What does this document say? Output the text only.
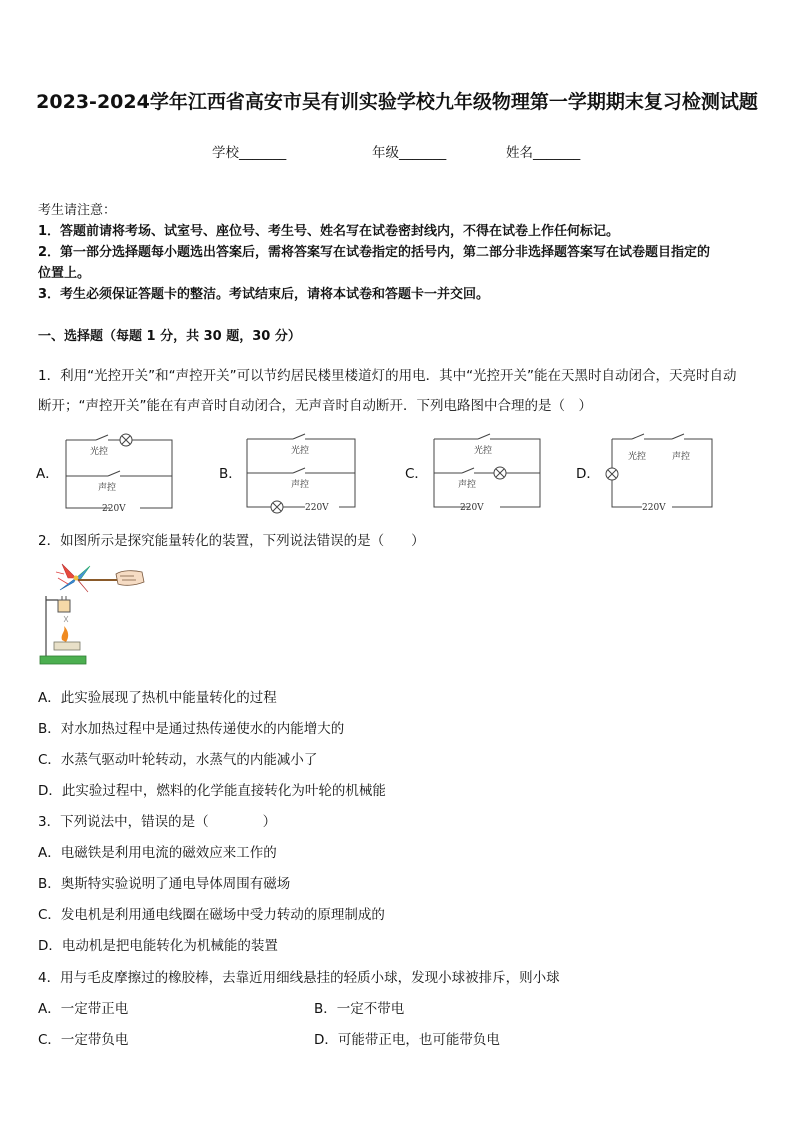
2023-2024学年江西省高安市吴有训实验学校九年级物理第一学期期末复习检测试题
学校_______	年级_______	姓名_______
考生请注意：
1．答题前请将考场、试室号、座位号、考生号、姓名写在试卷密封线内，不得在试卷上作任何标记。
2．第一部分选择题每小题选出答案后，需将答案写在试卷指定的括号内，第二部分非选择题答案写在试卷题目指定的
位置上。
3．考生必须保证答题卡的整洁。考试结束后，请将本试卷和答题卡一并交回。
一、选择题（每题 1 分，共 30 题，30 分）
1．利用“光控开关”和“声控开关”可以节约居民楼里楼道灯的用电．其中“光控开关”能在天黑时自动闭合，天亮时自动
断开；“声控开关”能在有声音时自动闭合，无声音时自动断开．下列电路图中合理的是（　）
A．	B．	C．	D．
光控
声控
220V
光控
声控
220V
光控
声控
220V
光控	声控
220V
2．如图所示是探究能量转化的装置，下列说法错误的是（　　）
A．此实验展现了热机中能量转化的过程
B．对水加热过程中是通过热传递使水的内能增大的
C．水蒸气驱动叶轮转动，水蒸气的内能减小了
D．此实验过程中，燃料的化学能直接转化为叶轮的机械能
3．下列说法中，错误的是（　　　　）
A．电磁铁是利用电流的磁效应来工作的
B．奥斯特实验说明了通电导体周围有磁场
C．发电机是利用通电线圈在磁场中受力转动的原理制成的
D．电动机是把电能转化为机械能的装置
4．用与毛皮摩擦过的橡胶棒，去靠近用细线悬挂的轻质小球，发现小球被排斥，则小球
A．一定带正电	B．一定不带电
C．一定带负电	D．可能带正电，也可能带负电
